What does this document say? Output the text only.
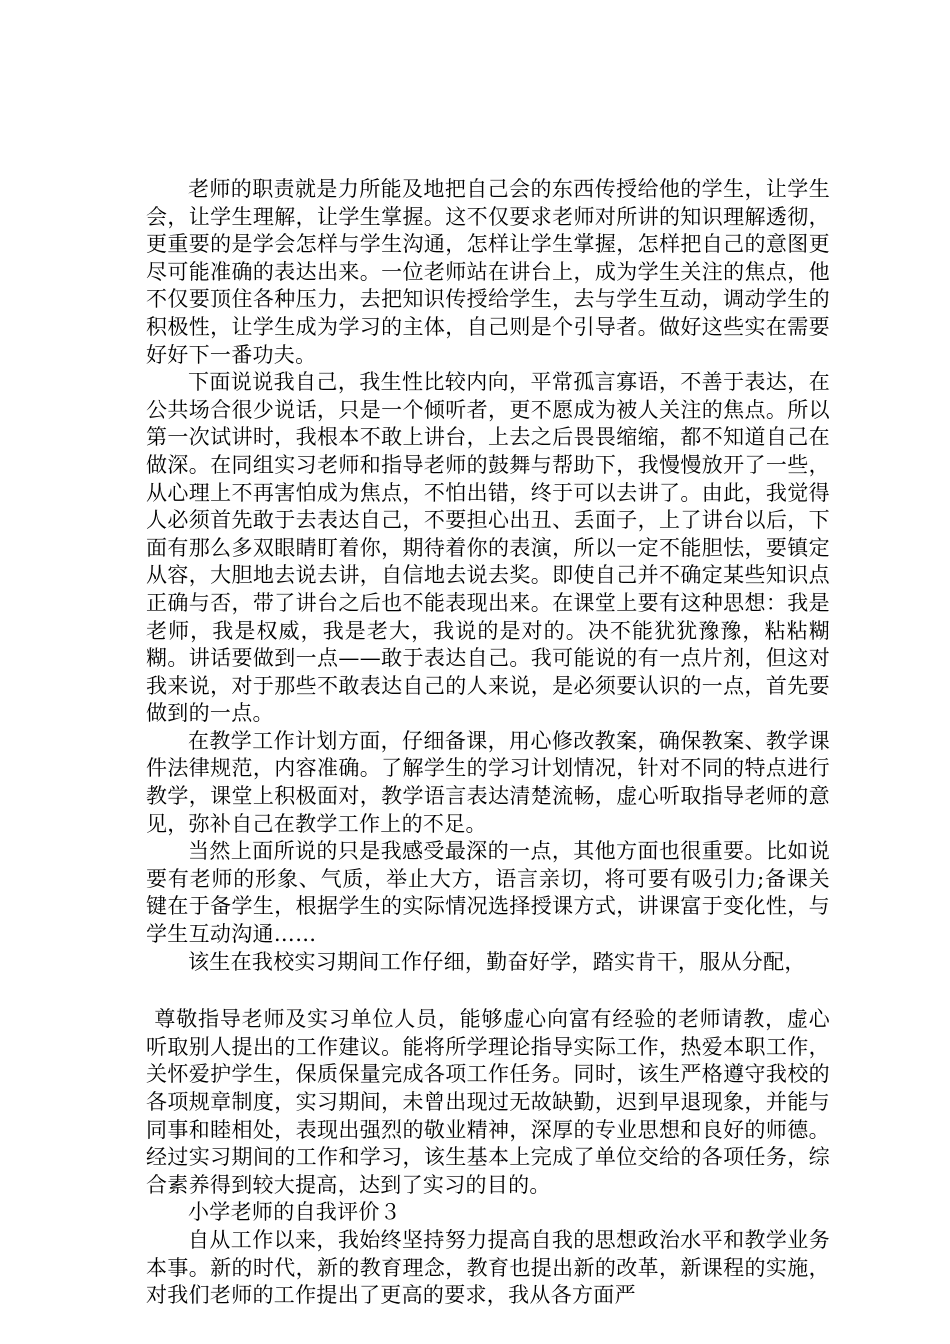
老师的职责就是力所能及地把自己会的东西传授给他的学生，让学生会，让学生理解，让学生掌握。这不仅要求老师对所讲的知识理解透彻，更重要的是学会怎样与学生沟通，怎样让学生掌握，怎样把自己的意图更尽可能准确的表达出来。一位老师站在讲台上，成为学生关注的焦点，他不仅要顶住各种压力，去把知识传授给学生，去与学生互动，调动学生的积极性，让学生成为学习的主体，自己则是个引导者。做好这些实在需要好好下一番功夫。

下面说说我自己，我生性比较内向，平常孤言寡语，不善于表达，在公共场合很少说话，只是一个倾听者，更不愿成为被人关注的焦点。所以第一次试讲时，我根本不敢上讲台，上去之后畏畏缩缩，都不知道自己在做深。在同组实习老师和指导老师的鼓舞与帮助下，我慢慢放开了一些，从心理上不再害怕成为焦点，不怕出错，终于可以去讲了。由此，我觉得人必须首先敢于去表达自己，不要担心出丑、丢面子，上了讲台以后，下面有那么多双眼睛盯着你，期待着你的表演，所以一定不能胆怯，要镇定从容，大胆地去说去讲，自信地去说去奖。即使自己并不确定某些知识点正确与否，带了讲台之后也不能表现出来。在课堂上要有这种思想：我是老师，我是权威，我是老大，我说的是对的。决不能犹犹豫豫，粘粘糊糊。讲话要做到一点——敢于表达自己。我可能说的有一点片剂，但这对我来说，对于那些不敢表达自己的人来说，是必须要认识的一点，首先要做到的一点。

在教学工作计划方面，仔细备课，用心修改教案，确保教案、教学课件法律规范，内容准确。了解学生的学习计划情况，针对不同的特点进行教学，课堂上积极面对，教学语言表达清楚流畅，虚心听取指导老师的意见，弥补自己在教学工作上的不足。

当然上面所说的只是我感受最深的一点，其他方面也很重要。比如说要有老师的形象、气质，举止大方，语言亲切，将可要有吸引力;备课关键在于备学生，根据学生的实际情况选择授课方式，讲课富于变化性，与学生互动沟通……

该生在我校实习期间工作仔细，勤奋好学，踏实肯干，服从分配，

尊敬指导老师及实习单位人员，能够虚心向富有经验的老师请教，虚心听取别人提出的工作建议。能将所学理论指导实际工作，热爱本职工作，关怀爱护学生，保质保量完成各项工作任务。同时，该生严格遵守我校的各项规章制度，实习期间，未曾出现过无故缺勤，迟到早退现象，并能与同事和睦相处，表现出强烈的敬业精神，深厚的专业思想和良好的师德。经过实习期间的工作和学习，该生基本上完成了单位交给的各项任务，综合素养得到较大提高，达到了实习的目的。

小学老师的自我评价３

自从工作以来，我始终坚持努力提高自我的思想政治水平和教学业务本事。新的时代，新的教育理念，教育也提出新的改革，新课程的实施，对我们老师的工作提出了更高的要求，我从各方面严
